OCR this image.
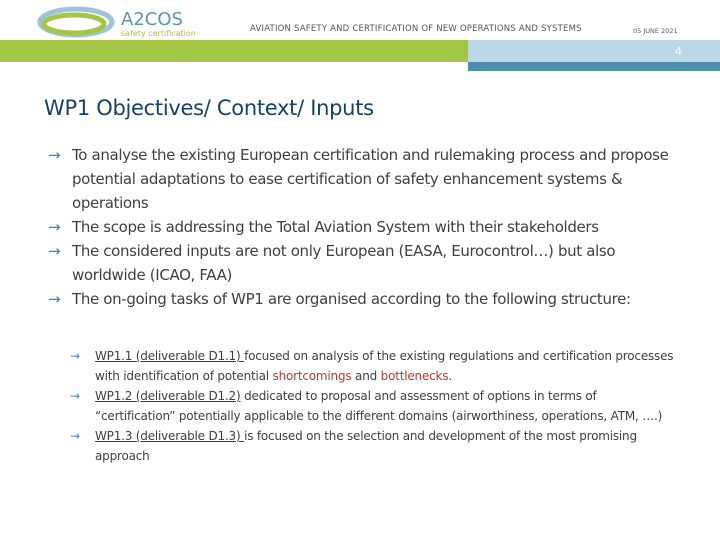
A2COS
safety certification	AVIATION SAFETY AND CERTIFICATION OF NEW OPERATIONS AND SYSTEMS	05 JUNE 2021
4
WP1 Objectives/ Context/ Inputs
→ To analyse the existing European certification and rulemaking process and propose potential adaptations to ease certification of safety enhancement systems & operations
→ The scope is addressing the Total Aviation System with their stakeholders
→ The considered inputs are not only European (EASA, Eurocontrol…) but also worldwide (ICAO, FAA)
→ The on-going tasks of WP1 are organised according to the following structure:
→ WP1.1 (deliverable D1.1) focused on analysis of the existing regulations and certification processes with identification of potential shortcomings and bottlenecks.
→ WP1.2 (deliverable D1.2) dedicated to proposal and assessment of options in terms of “certification” potentially applicable to the different domains (airworthiness, operations, ATM, ….)
→ WP1.3 (deliverable D1.3) is focused on the selection and development of the most promising approach
